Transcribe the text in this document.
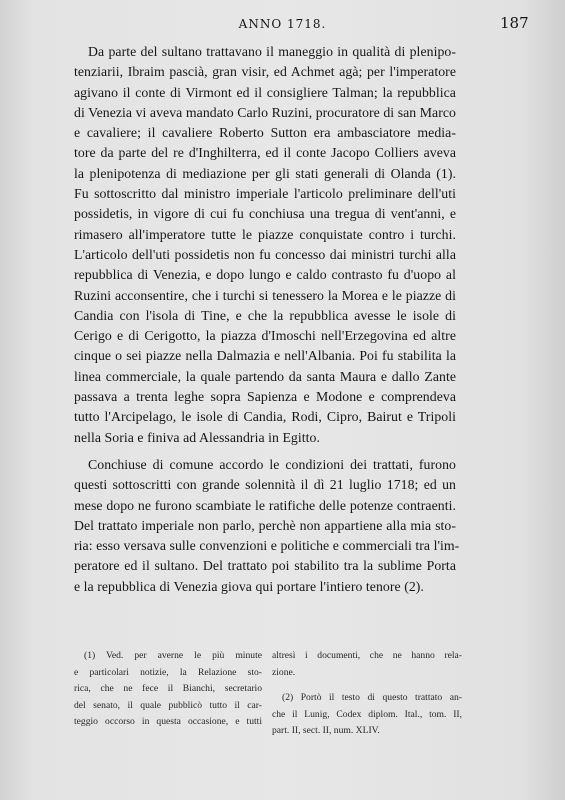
ANNO 1718.	187
Da parte del sultano trattavano il maneggio in qualità di plenipo-
tenziarii, Ibraim pascià, gran visir, ed Achmet agà; per l'imperatore
agivano il conte di Virmont ed il consigliere Talman; la repubblica
di Venezia vi aveva mandato Carlo Ruzini, procuratore di san Marco
e cavaliere; il cavaliere Roberto Sutton era ambasciatore media-
tore da parte del re d'Inghilterra, ed il conte Jacopo Colliers aveva
la plenipotenza di mediazione per gli stati generali di Olanda (1).
Fu sottoscritto dal ministro imperiale l'articolo preliminare dell'uti
possidetis, in vigore di cui fu conchiusa una tregua di vent'anni, e
rimasero all'imperatore tutte le piazze conquistate contro i turchi.
L'articolo dell'uti possidetis non fu concesso dai ministri turchi alla
repubblica di Venezia, e dopo lungo e caldo contrasto fu d'uopo al
Ruzini acconsentire, che i turchi si tenessero la Morea e le piazze di
Candia con l'isola di Tine, e che la repubblica avesse le isole di
Cerigo e di Cerigotto, la piazza d'Imoschi nell'Erzegovina ed altre
cinque o sei piazze nella Dalmazia e nell'Albania. Poi fu stabilita la
linea commerciale, la quale partendo da santa Maura e dallo Zante
passava a trenta leghe sopra Sapienza e Modone e comprendeva
tutto l'Arcipelago, le isole di Candia, Rodi, Cipro, Bairut e Tripoli
nella Soria e finiva ad Alessandria in Egitto.
Conchiuse di comune accordo le condizioni dei trattati, furono
questi sottoscritti con grande solennità il dì 21 luglio 1718; ed un
mese dopo ne furono scambiate le ratifiche delle potenze contraenti.
Del trattato imperiale non parlo, perchè non appartiene alla mia sto-
ria: esso versava sulle convenzioni e politiche e commerciali tra l'im-
peratore ed il sultano. Del trattato poi stabilito tra la sublime Porta
e la repubblica di Venezia giova qui portare l'intiero tenore (2).
(1) Ved. per averne le più minute
e particolari notizie, la Relazione sto-
rica, che ne fece il Bianchi, secretario
del senato, il quale pubblicò tutto il car-
teggio occorso in questa occasione, e tutti
altresì i documenti, che ne hanno rela-
zione.
(2) Portò il testo di questo trattato an-
che il Lunig, Codex diplom. Ital., tom. II,
part. II, sect. II, num. XLIV.
